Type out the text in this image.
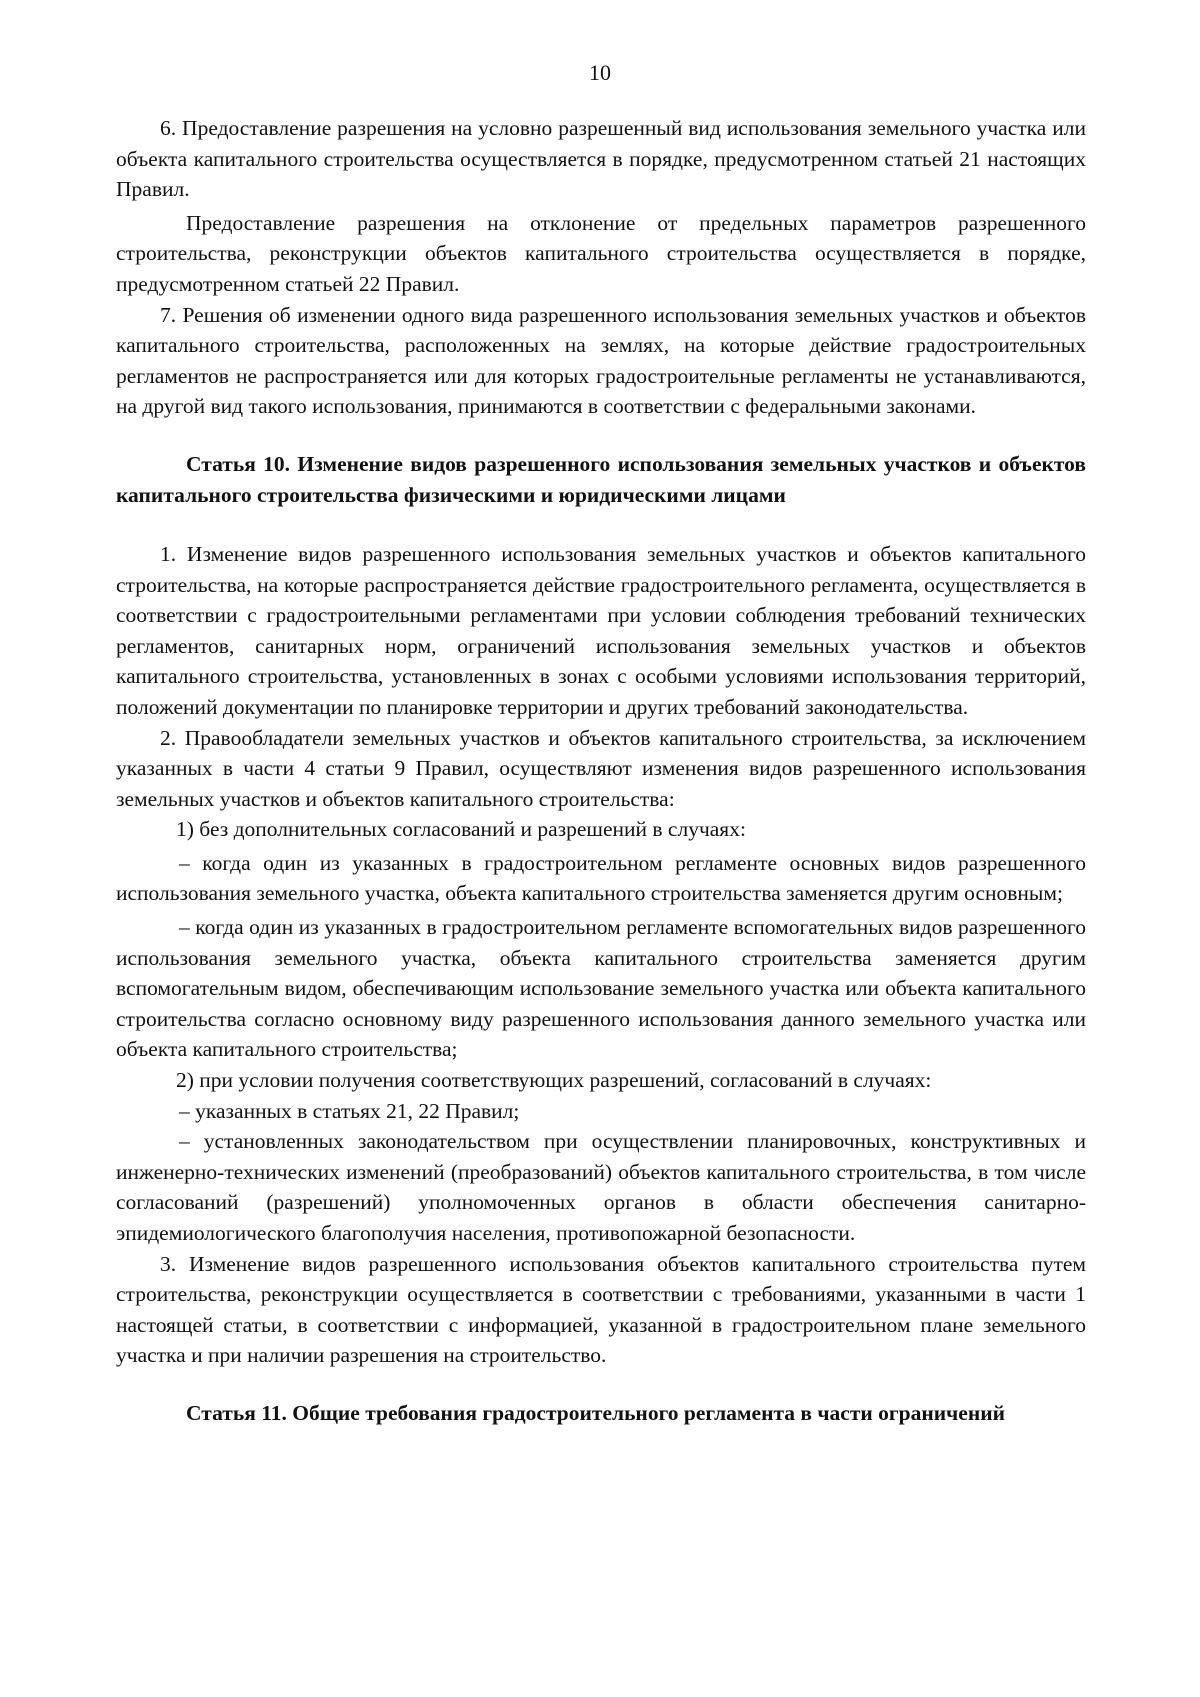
10

6. Предоставление разрешения на условно разрешенный вид использования земельного участка или объекта капитального строительства осуществляется в порядке, предусмотренном статьей 21 настоящих Правил.

Предоставление разрешения на отклонение от предельных параметров разрешенного строительства, реконструкции объектов капитального строительства осуществляется в порядке, предусмотренном статьей 22 Правил.

7. Решения об изменении одного вида разрешенного использования земельных участков и объектов капитального строительства, расположенных на землях, на которые действие градостроительных регламентов не распространяется или для которых градостроительные регламенты не устанавливаются, на другой вид такого использования, принимаются в соответствии с федеральными законами.

Статья 10. Изменение видов разрешенного использования земельных участков и объектов капитального строительства физическими и юридическими лицами

1. Изменение видов разрешенного использования земельных участков и объектов капитального строительства, на которые распространяется действие градостроительного регламента, осуществляется в соответствии с градостроительными регламентами при условии соблюдения требований технических регламентов, санитарных норм, ограничений использования земельных участков и объектов капитального строительства, установленных в зонах с особыми условиями использования территорий, положений документации по планировке территории и других требований законодательства.

2. Правообладатели земельных участков и объектов капитального строительства, за исключением указанных в части 4 статьи 9 Правил, осуществляют изменения видов разрешенного использования земельных участков и объектов капитального строительства:

1) без дополнительных согласований и разрешений в случаях:

– когда один из указанных в градостроительном регламенте основных видов разрешенного использования земельного участка, объекта капитального строительства заменяется другим основным;

– когда один из указанных в градостроительном регламенте вспомогательных видов разрешенного использования земельного участка, объекта капитального строительства заменяется другим вспомогательным видом, обеспечивающим использование земельного участка или объекта капитального строительства согласно основному виду разрешенного использования данного земельного участка или объекта капитального строительства;

2) при условии получения соответствующих разрешений, согласований в случаях:

– указанных в статьях 21, 22 Правил;

– установленных законодательством при осуществлении планировочных, конструктивных и инженерно-технических изменений (преобразований) объектов капитального строительства, в том числе согласований (разрешений) уполномоченных органов в области обеспечения санитарно-эпидемиологического благополучия населения, противопожарной безопасности.

3. Изменение видов разрешенного использования объектов капитального строительства путем строительства, реконструкции осуществляется в соответствии с требованиями, указанными в части 1 настоящей статьи, в соответствии с информацией, указанной в градостроительном плане земельного участка и при наличии разрешения на строительство.

Статья 11. Общие требования градостроительного регламента в части ограничений
